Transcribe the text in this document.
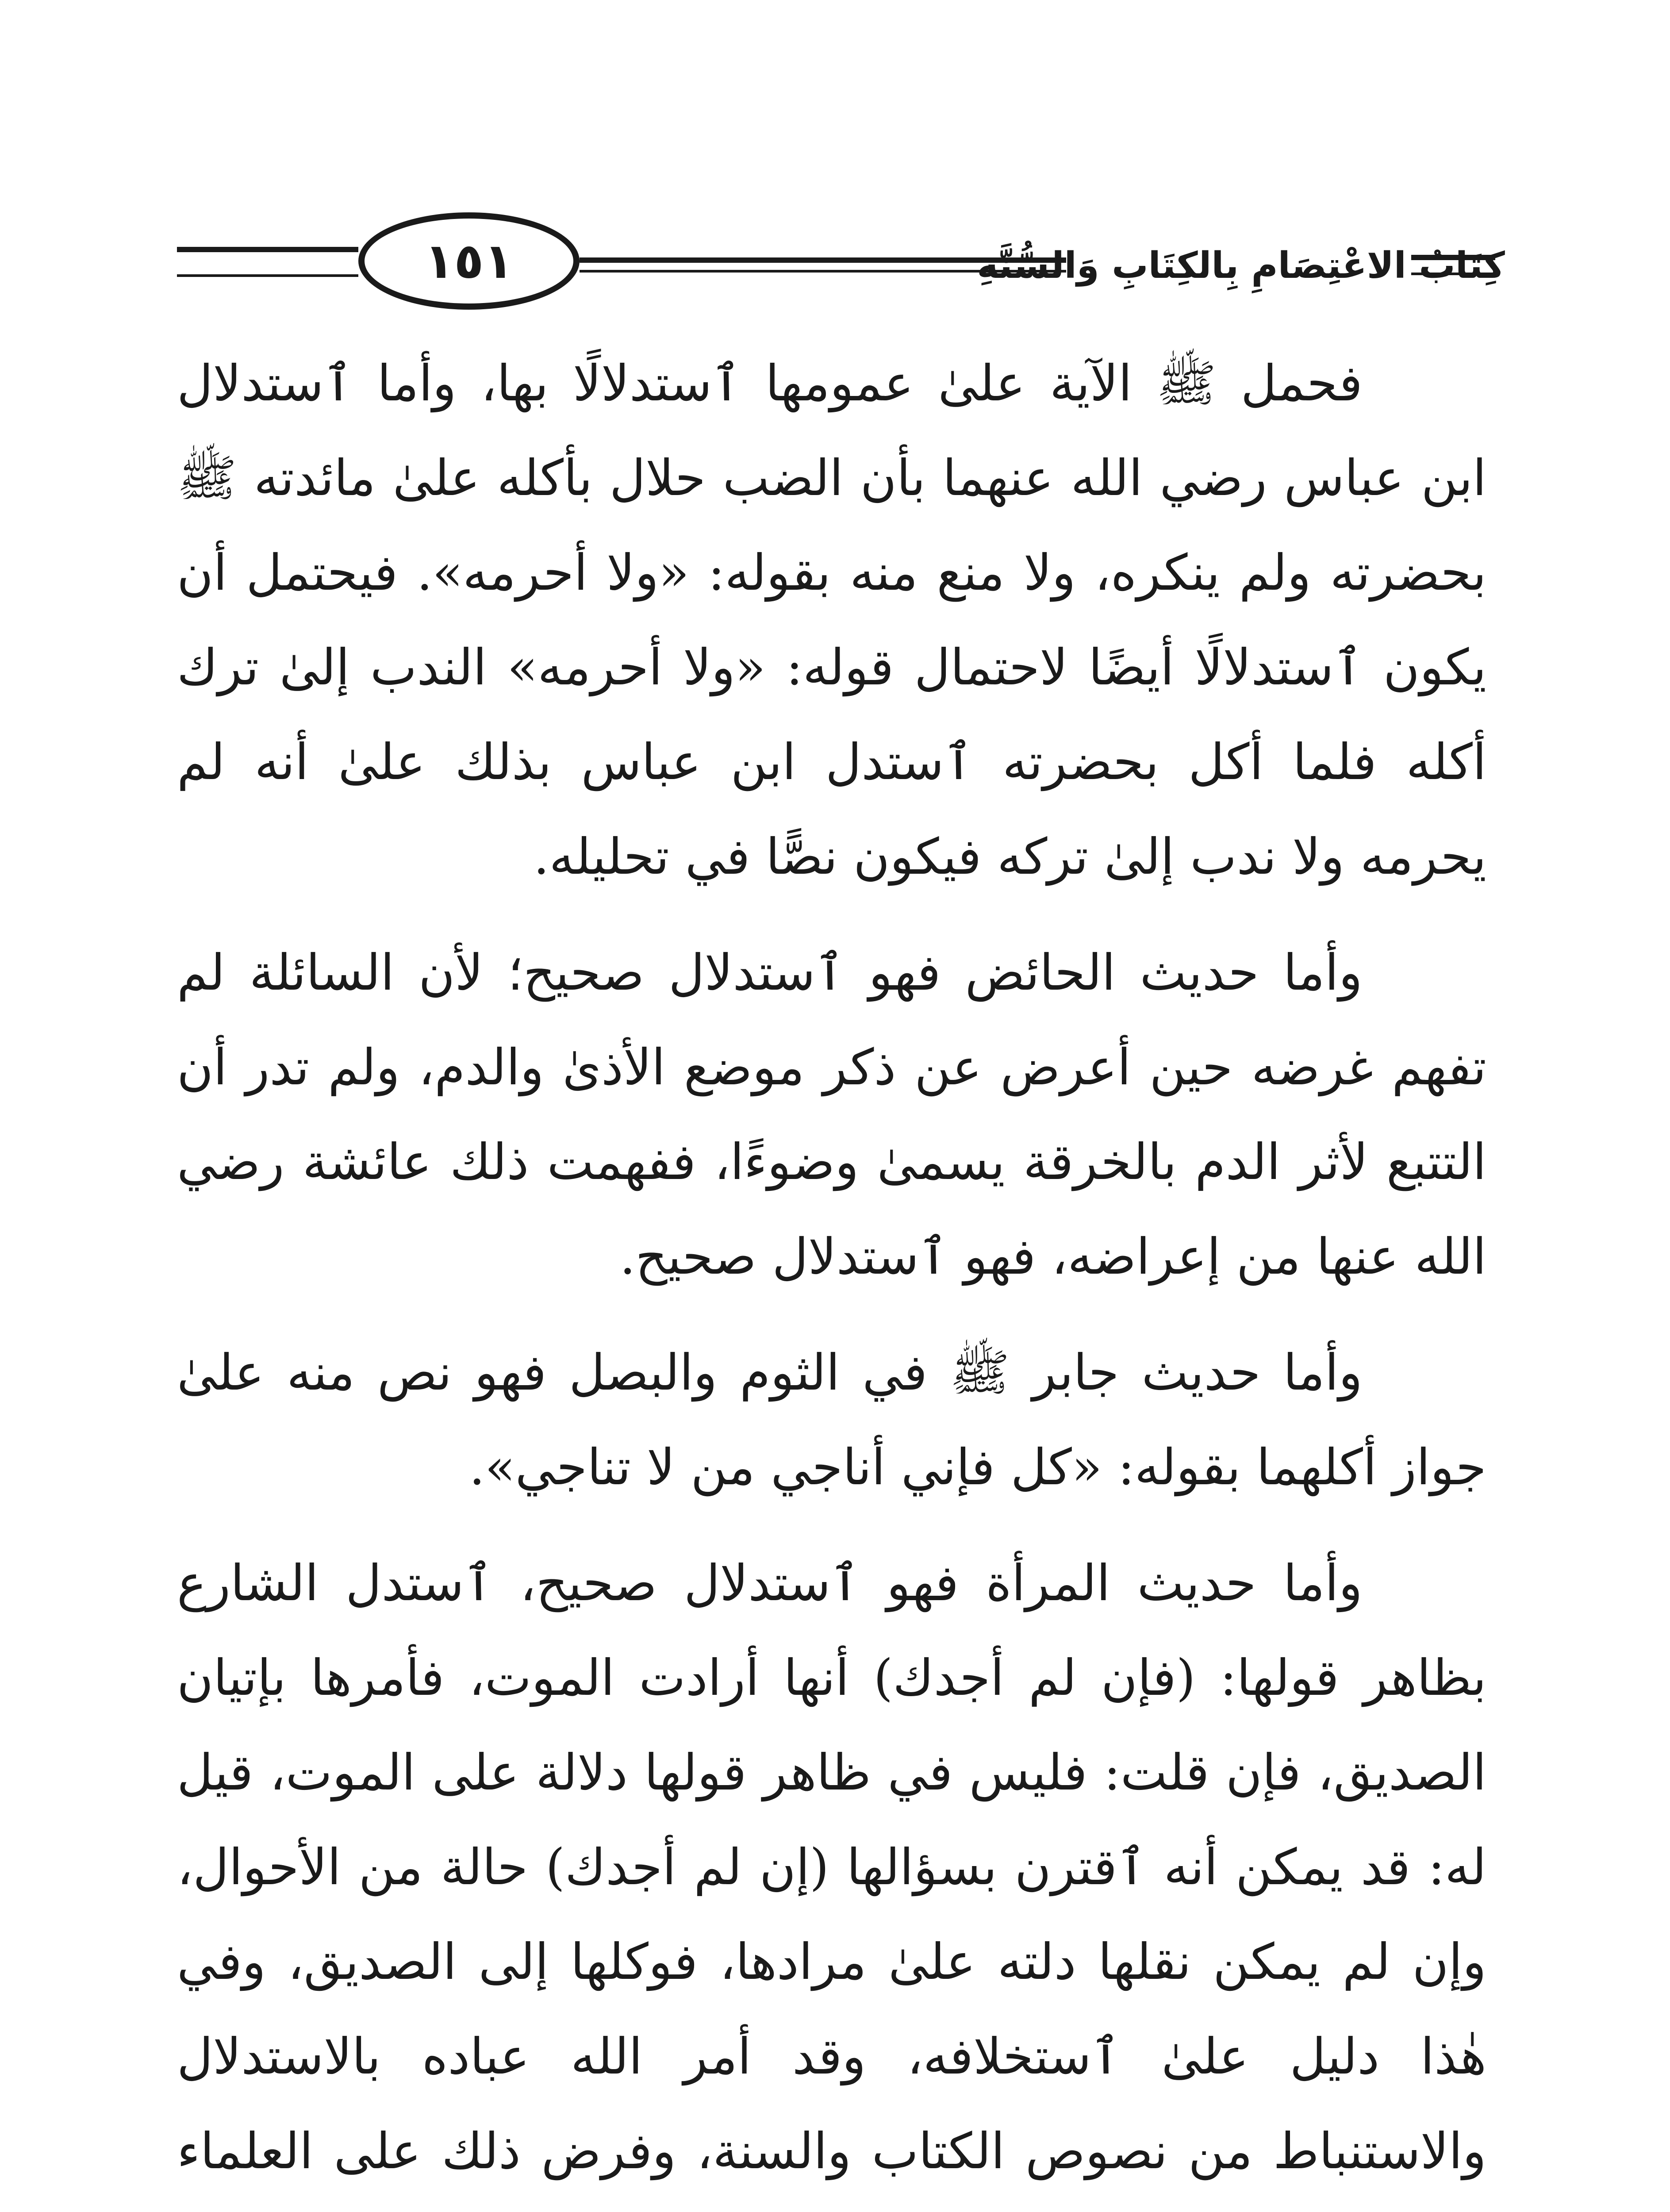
١٥١	كِتَابُ الاعْتِصَامِ بِالكِتَابِ وَالسُّنَّةِ

فحمل ﷺ الآية علىٰ عمومها ٱستدلالًا بها، وأما ٱستدلال ابن عباس رضي الله عنهما بأن الضب حلال بأكله علىٰ مائدته ﷺ بحضرته ولم ينكره، ولا منع منه بقوله: «ولا أحرمه». فيحتمل أن يكون ٱستدلالًا أيضًا لاحتمال قوله: «ولا أحرمه» الندب إلىٰ ترك أكله فلما أكل بحضرته ٱستدل ابن عباس بذلك علىٰ أنه لم يحرمه ولا ندب إلىٰ تركه فيكون نصًّا في تحليله.

وأما حديث الحائض فهو ٱستدلال صحيح؛ لأن السائلة لم تفهم غرضه حين أعرض عن ذكر موضع الأذىٰ والدم، ولم تدر أن التتبع لأثر الدم بالخرقة يسمىٰ وضوءًا، ففهمت ذلك عائشة رضي الله عنها من إعراضه، فهو ٱستدلال صحيح.

وأما حديث جابر ﷺ في الثوم والبصل فهو نص منه علىٰ جواز أكلهما بقوله: «كل فإني أناجي من لا تناجي».

وأما حديث المرأة فهو ٱستدلال صحيح، ٱستدل الشارع بظاهر قولها: (فإن لم أجدك) أنها أرادت الموت، فأمرها بإتيان الصديق، فإن قلت: فليس في ظاهر قولها دلالة على الموت، قيل له: قد يمكن أنه ٱقترن بسؤالها (إن لم أجدك) حالة من الأحوال، وإن لم يمكن نقلها دلته علىٰ مرادها، فوكلها إلى الصديق، وفي هٰذا دليل علىٰ ٱستخلافه، وقد أمر الله عباده بالاستدلال والاستنباط من نصوص الكتاب والسنة، وفرض ذلك على العلماء
